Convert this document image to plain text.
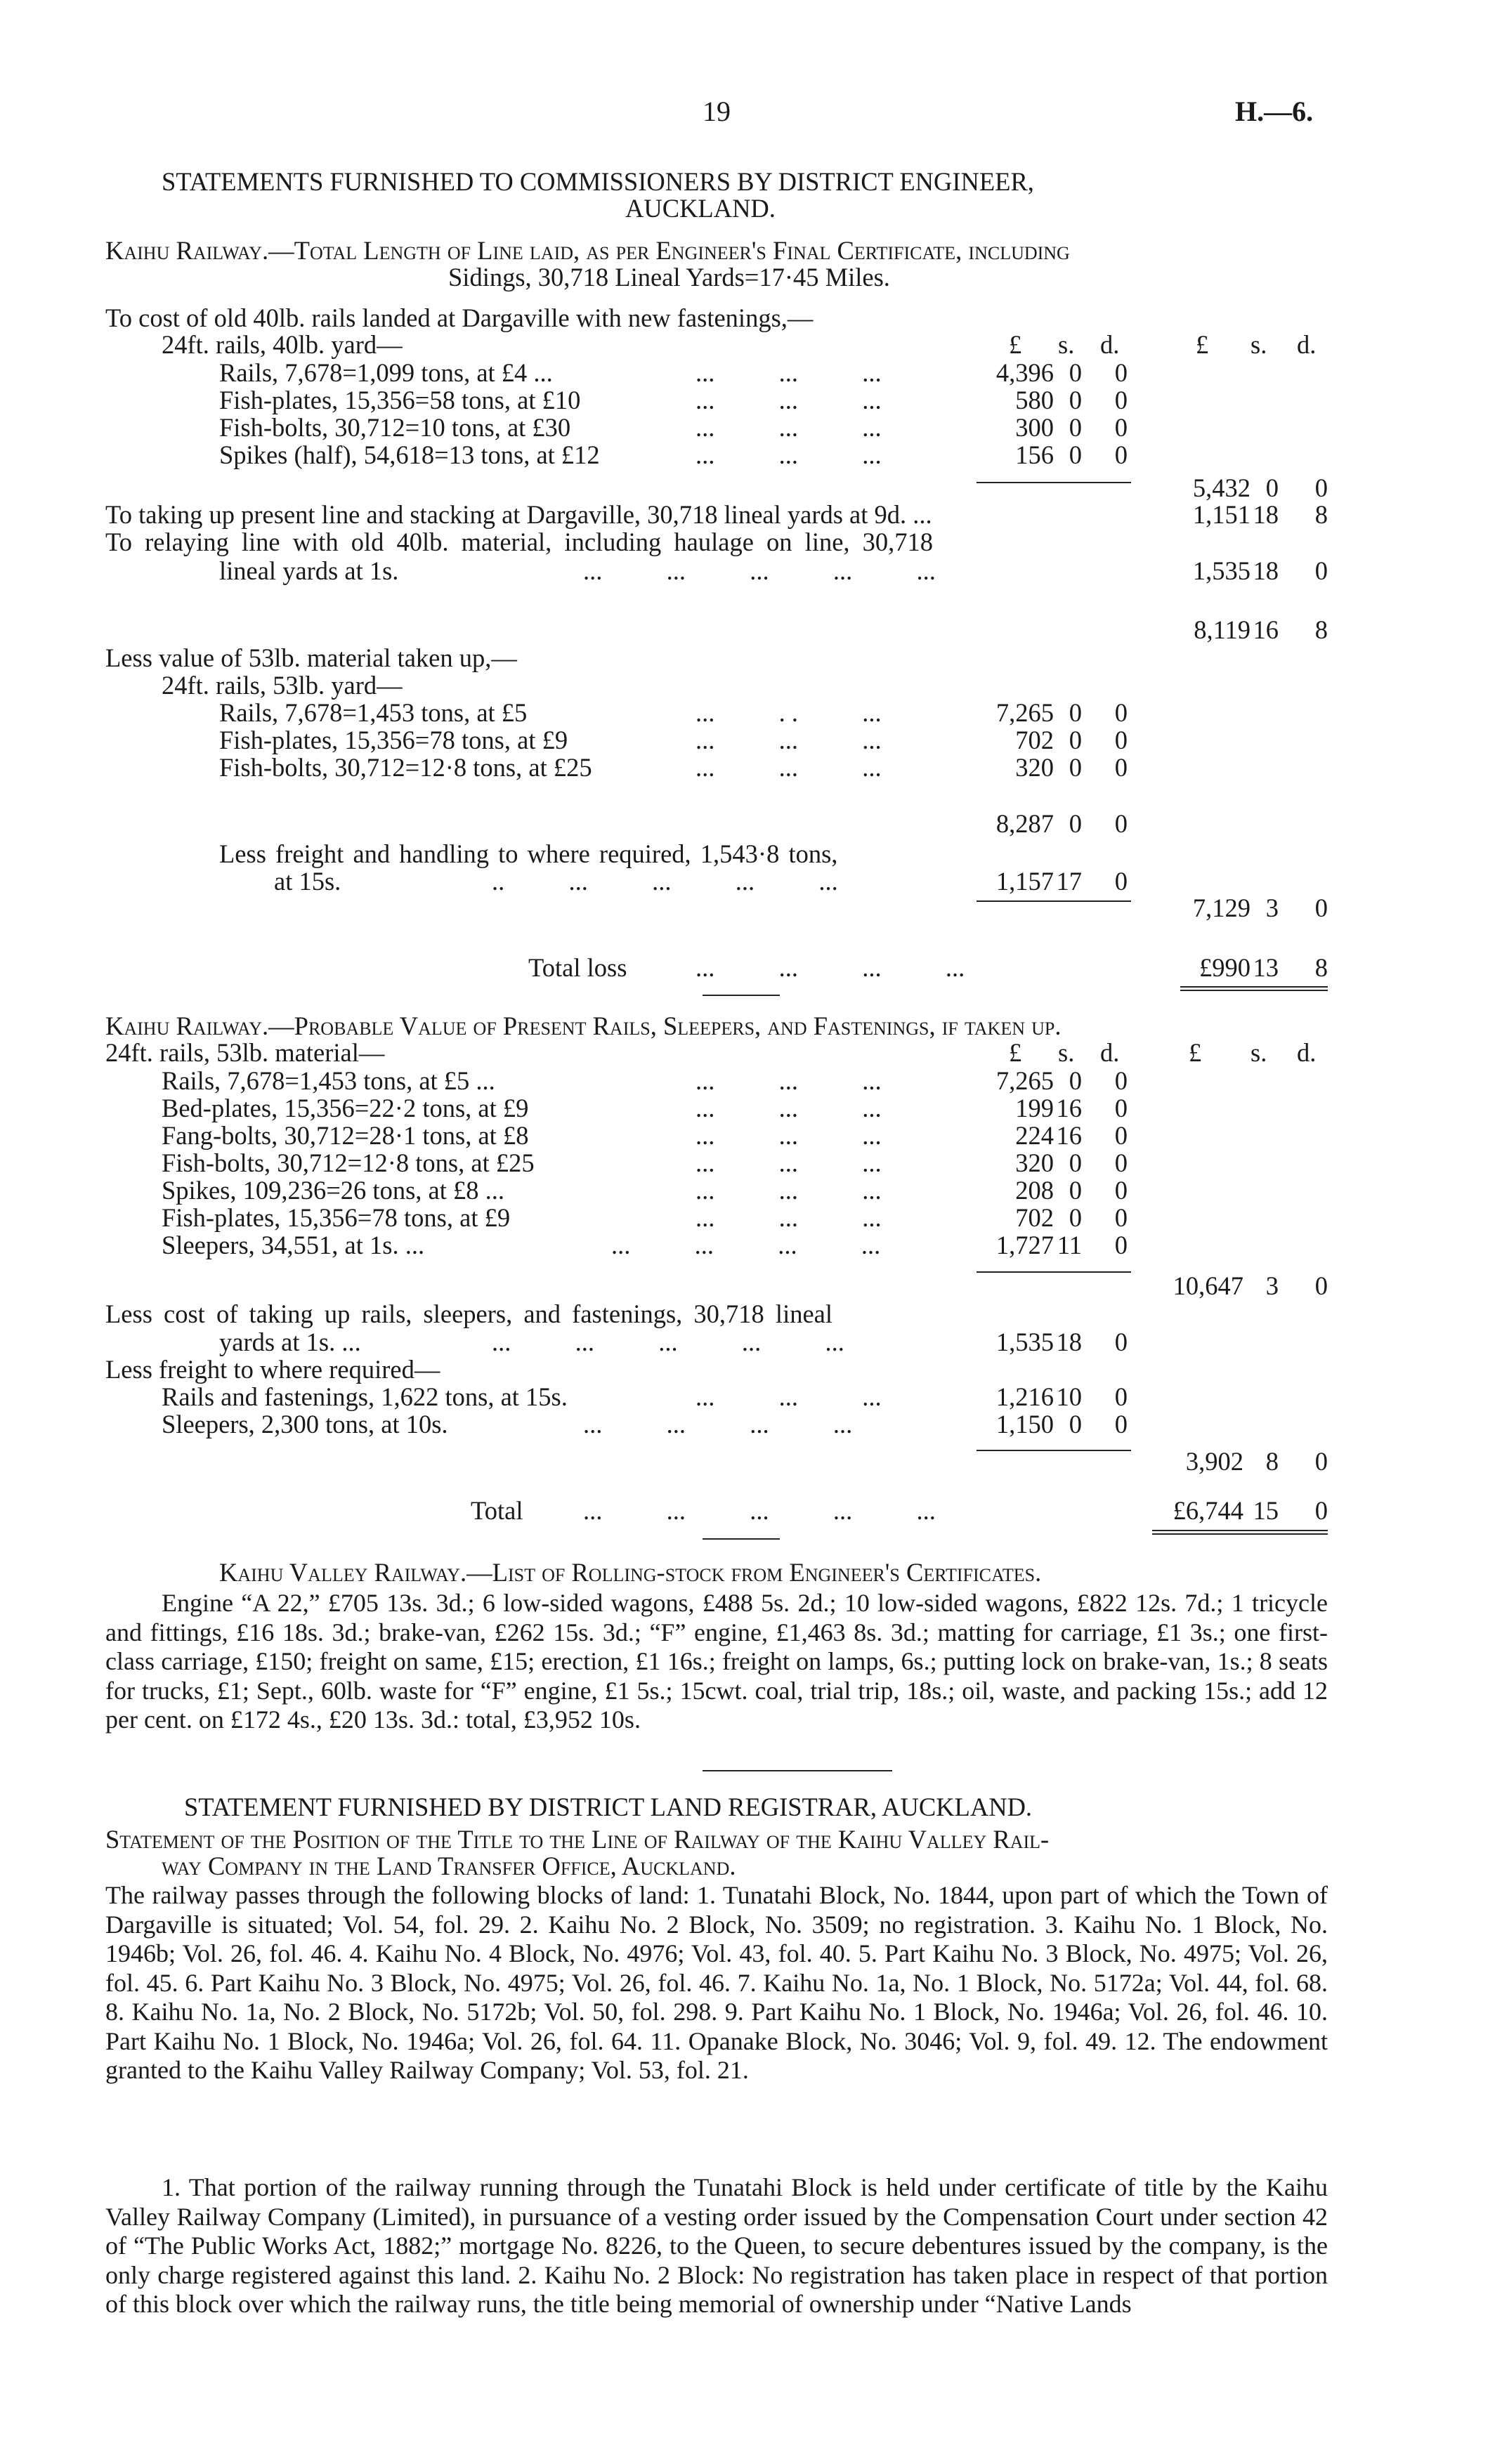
19	H.—6.
STATEMENTS FURNISHED TO COMMISSIONERS BY DISTRICT ENGINEER,
AUCKLAND.
Kaihu Railway.—Total Length of Line laid, as per Engineer's Final Certificate, including
Sidings, 30,718 Lineal Yards=17·45 Miles.
To cost of old 40lb. rails landed at Dargaville with new fastenings,—
24ft. rails, 40lb. yard—	£ s. d.	£ s. d.
Rails, 7,678=1,099 tons, at £4 ...	...          ...          ...	4,396 0	0
Fish-plates, 15,356=58 tons, at £10	...          ...          ...	580 0	0
Fish-bolts, 30,712=10 tons, at £30	...          ...          ...	300 0	0
Spikes (half), 54,618=13 tons, at £12	...          ...          ...	156 0	0
5,432 0	0
To taking up present line and stacking at Dargaville, 30,718 lineal yards at 9d. ...	1,151 18	8
To relaying line with old 40lb. material, including haulage on line, 30,718
lineal yards at 1s.	...          ...          ...          ...          ...	1,535 18	0
8,119 16	8
Less value of 53lb. material taken up,—
24ft. rails, 53lb. yard—
Rails, 7,678=1,453 tons, at £5	...          . .          ...	7,265 0	0
Fish-plates, 15,356=78 tons, at £9	...          ...          ...	702 0	0
Fish-bolts, 30,712=12·8 tons, at £25	...          ...          ...	320 0	0
8,287 0	0
Less freight and handling to where required, 1,543·8 tons,
at 15s.	..          ...          ...          ...          ...	1,157 17	0
7,129 3	0
Total loss	...          ...          ...          ...	£990 13	8
Kaihu Railway.—Probable Value of Present Rails, Sleepers, and Fastenings, if taken up.
24ft. rails, 53lb. material—	£ s. d.	£ s. d.
Rails, 7,678=1,453 tons, at £5 ...	...          ...          ...	7,265 0	0
Bed-plates, 15,356=22·2 tons, at £9	...          ...          ...	199 16	0
Fang-bolts, 30,712=28·1 tons, at £8	...          ...          ...	224 16	0
Fish-bolts, 30,712=12·8 tons, at £25	...          ...          ...	320 0	0
Spikes, 109,236=26 tons, at £8 ...	...          ...          ...	208 0	0
Fish-plates, 15,356=78 tons, at £9	...          ...          ...	702 0	0
Sleepers, 34,551, at 1s. ...	...          ...          ...          ...	1,727 11	0
10,647 3	0
Less cost of taking up rails, sleepers, and fastenings, 30,718 lineal
yards at 1s. ...	...          ...          ...          ...          ...	1,535 18	0
Less freight to where required—
Rails and fastenings, 1,622 tons, at 15s.	...          ...          ...	1,216 10	0
Sleepers, 2,300 tons, at 10s.	...          ...          ...          ...	1,150 0	0
3,902 8	0
Total ...          ...          ...          ...          ...	£6,744 15	0
Kaihu Valley Railway.—List of Rolling-stock from Engineer's Certificates.
Engine “A 22,” £705 13s. 3d.; 6 low-sided wagons, £488 5s. 2d.; 10 low-sided wagons, £822 12s. 7d.; 1 tricycle and fittings, £16 18s. 3d.; brake-van, £262 15s. 3d.; “F” engine, £1,463 8s. 3d.; matting for carriage, £1 3s.; one first-class carriage, £150; freight on same, £15; erection, £1 16s.; freight on lamps, 6s.; putting lock on brake-van, 1s.; 8 seats for trucks, £1; Sept., 60lb. waste for “F” engine, £1 5s.; 15cwt. coal, trial trip, 18s.; oil, waste, and packing 15s.; add 12 per cent. on £172 4s., £20 13s. 3d.: total, £3,952 10s.
STATEMENT FURNISHED BY DISTRICT LAND REGISTRAR, AUCKLAND.
Statement of the Position of the Title to the Line of Railway of the Kaihu Valley Rail-
way Company in the Land Transfer Office, Auckland.
The railway passes through the following blocks of land: 1. Tunatahi Block, No. 1844, upon part of which the Town of Dargaville is situated; Vol. 54, fol. 29. 2. Kaihu No. 2 Block, No. 3509; no registration. 3. Kaihu No. 1 Block, No. 1946b; Vol. 26, fol. 46. 4. Kaihu No. 4 Block, No. 4976; Vol. 43, fol. 40. 5. Part Kaihu No. 3 Block, No. 4975; Vol. 26, fol. 45. 6. Part Kaihu No. 3 Block, No. 4975; Vol. 26, fol. 46. 7. Kaihu No. 1a, No. 1 Block, No. 5172a; Vol. 44, fol. 68. 8. Kaihu No. 1a, No. 2 Block, No. 5172b; Vol. 50, fol. 298. 9. Part Kaihu No. 1 Block, No. 1946a; Vol. 26, fol. 46. 10. Part Kaihu No. 1 Block, No. 1946a; Vol. 26, fol. 64. 11. Opanake Block, No. 3046; Vol. 9, fol. 49. 12. The endowment granted to the Kaihu Valley Railway Company; Vol. 53, fol. 21.
1. That portion of the railway running through the Tunatahi Block is held under certificate of title by the Kaihu Valley Railway Company (Limited), in pursuance of a vesting order issued by the Compensation Court under section 42 of “The Public Works Act, 1882;” mortgage No. 8226, to the Queen, to secure debentures issued by the company, is the only charge registered against this land. 2. Kaihu No. 2 Block: No registration has taken place in respect of that portion of this block over which the railway runs, the title being memorial of ownership under “Native Lands
